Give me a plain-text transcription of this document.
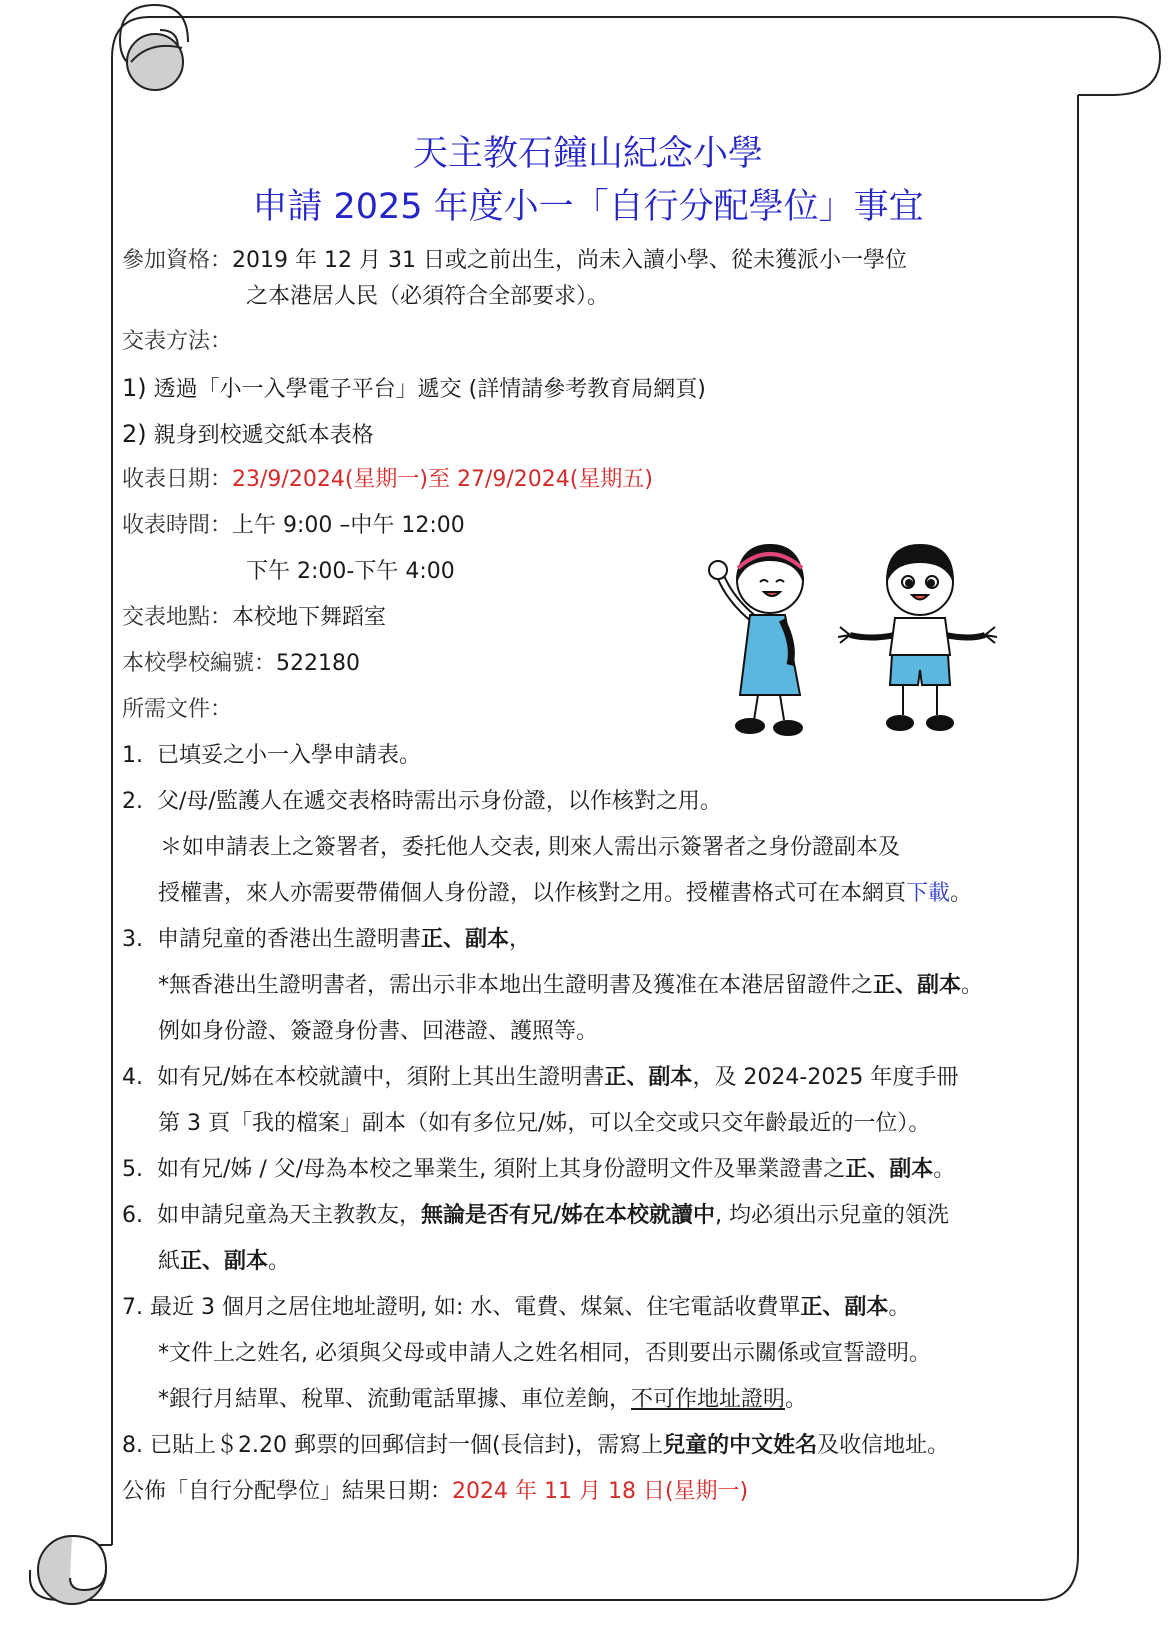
天主教石鐘山紀念小學
申請 2025 年度小一「自行分配學位」事宜
參加資格：2019 年 12 月 31 日或之前出生，尚未入讀小學、從未獲派小一學位
之本港居人民（必須符合全部要求）。
交表方法：
1) 透過「小一入學電子平台」遞交 (詳情請參考教育局網頁)
2) 親身到校遞交紙本表格
收表日期：23/9/2024(星期一)至 27/9/2024(星期五)
收表時間：上午 9:00 –中午 12:00
下午 2:00-下午 4:00
交表地點：本校地下舞蹈室
本校學校編號：522180
所需文件：
1. 已填妥之小一入學申請表。
2. 父/母/監護人在遞交表格時需出示身份證，以作核對之用。
＊如申請表上之簽署者，委托他人交表, 則來人需出示簽署者之身份證副本及
授權書，來人亦需要帶備個人身份證，以作核對之用。授權書格式可在本網頁下載。
3. 申請兒童的香港出生證明書正、副本，
*無香港出生證明書者，需出示非本地出生證明書及獲准在本港居留證件之正、副本。
例如身份證、簽證身份書、回港證、護照等。
4. 如有兄/姊在本校就讀中，須附上其出生證明書正、副本，及 2024-2025 年度手冊
第 3 頁「我的檔案」副本（如有多位兄/姊，可以全交或只交年齡最近的一位）。
5. 如有兄/姊 / 父/母為本校之畢業生, 須附上其身份證明文件及畢業證書之正、副本。
6. 如申請兒童為天主教教友，無論是否有兄/姊在本校就讀中, 均必須出示兒童的領洗
紙正、副本。
7. 最近 3 個月之居住地址證明, 如: 水、電費、煤氣、住宅電話收費單正、副本。
*文件上之姓名, 必須與父母或申請人之姓名相同，否則要出示關係或宣誓證明。
*銀行月結單、稅單、流動電話單據、車位差餉，不可作地址證明。
8. 已貼上＄2.20 郵票的回郵信封一個(長信封)，需寫上兒童的中文姓名及收信地址。
公佈「自行分配學位」結果日期：2024 年 11 月 18 日(星期一)
